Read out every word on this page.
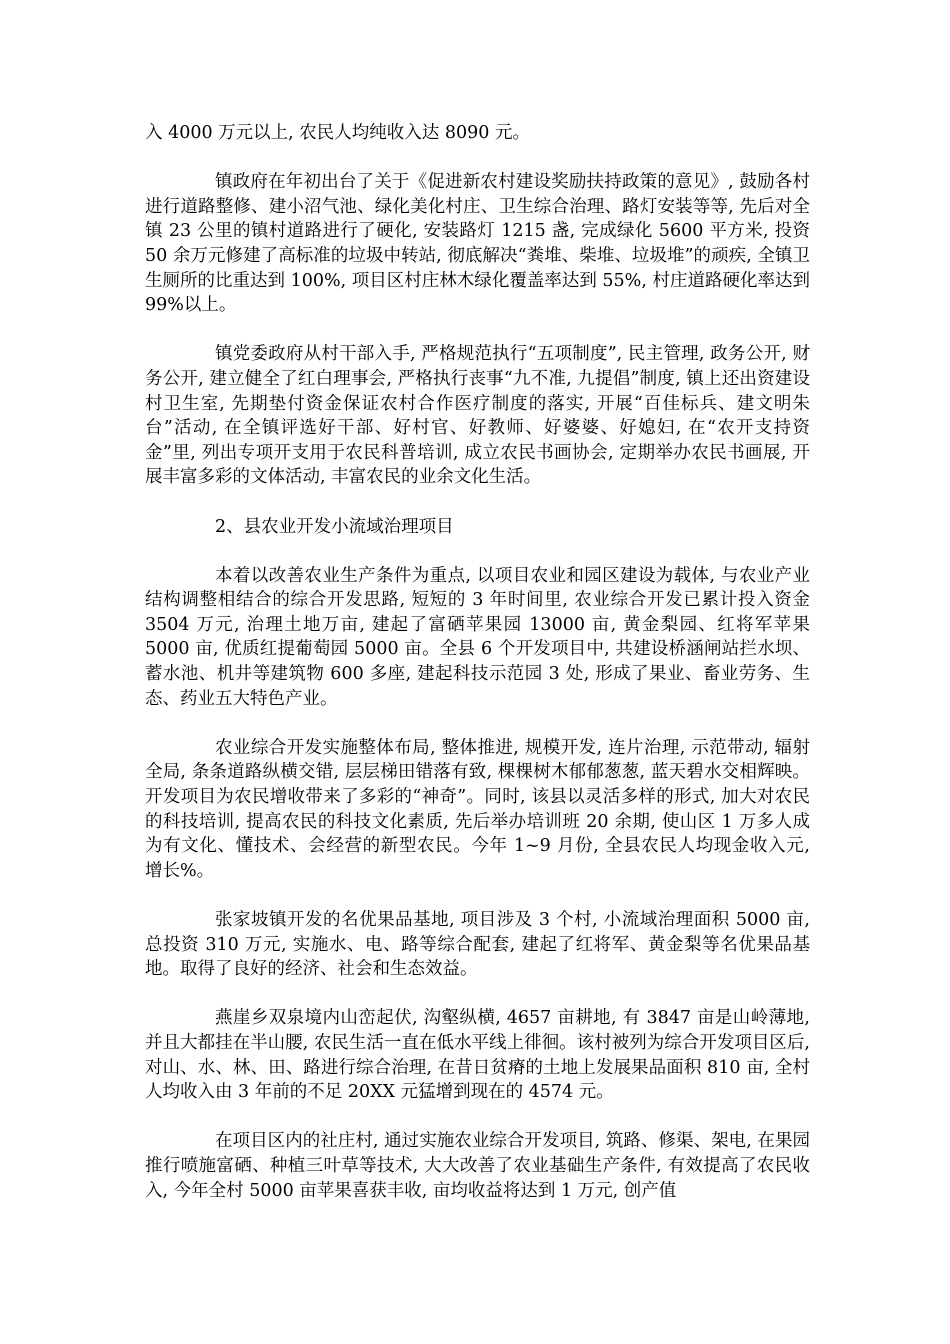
入 4000 万元以上, 农民人均纯收入达 8090 元。

镇政府在年初出台了关于《促进新农村建设奖励扶持政策的意见》, 鼓励各村进行道路整修、建小沼气池、绿化美化村庄、卫生综合治理、路灯安装等等, 先后对全镇 23 公里的镇村道路进行了硬化, 安装路灯 1215 盏, 完成绿化 5600 平方米, 投资 50 余万元修建了高标准的垃圾中转站, 彻底解决“粪堆、柴堆、垃圾堆”的顽疾, 全镇卫生厕所的比重达到 100%, 项目区村庄林木绿化覆盖率达到 55%, 村庄道路硬化率达到 99%以上。

镇党委政府从村干部入手, 严格规范执行“五项制度”, 民主管理, 政务公开, 财务公开, 建立健全了红白理事会, 严格执行丧事“九不准, 九提倡”制度, 镇上还出资建设村卫生室, 先期垫付资金保证农村合作医疗制度的落实, 开展“百佳标兵、建文明朱台”活动, 在全镇评选好干部、好村官、好教师、好婆婆、好媳妇, 在“农开支持资金”里, 列出专项开支用于农民科普培训, 成立农民书画协会, 定期举办农民书画展, 开展丰富多彩的文体活动, 丰富农民的业余文化生活。

2、县农业开发小流域治理项目

本着以改善农业生产条件为重点, 以项目农业和园区建设为载体, 与农业产业结构调整相结合的综合开发思路, 短短的 3 年时间里, 农业综合开发已累计投入资金 3504 万元, 治理土地万亩, 建起了富硒苹果园 13000 亩, 黄金梨园、红将军苹果 5000 亩, 优质红提葡萄园 5000 亩。全县 6 个开发项目中, 共建设桥涵闸站拦水坝、蓄水池、机井等建筑物 600 多座, 建起科技示范园 3 处, 形成了果业、畜业劳务、生态、药业五大特色产业。

农业综合开发实施整体布局, 整体推进, 规模开发, 连片治理, 示范带动, 辐射全局, 条条道路纵横交错, 层层梯田错落有致, 棵棵树木郁郁葱葱, 蓝天碧水交相辉映。开发项目为农民增收带来了多彩的“神奇”。同时, 该县以灵活多样的形式, 加大对农民的科技培训, 提高农民的科技文化素质, 先后举办培训班 20 余期, 使山区 1 万多人成为有文化、懂技术、会经营的新型农民。今年 1~9 月份, 全县农民人均现金收入元, 增长%。

张家坡镇开发的名优果品基地, 项目涉及 3 个村, 小流域治理面积 5000 亩, 总投资 310 万元, 实施水、电、路等综合配套, 建起了红将军、黄金梨等名优果品基地。取得了良好的经济、社会和生态效益。

燕崖乡双泉境内山峦起伏, 沟壑纵横, 4657 亩耕地, 有 3847 亩是山岭薄地, 并且大都挂在半山腰, 农民生活一直在低水平线上徘徊。该村被列为综合开发项目区后, 对山、水、林、田、路进行综合治理, 在昔日贫瘠的土地上发展果品面积 810 亩, 全村人均收入由 3 年前的不足 20XX 元猛增到现在的 4574 元。

在项目区内的社庄村, 通过实施农业综合开发项目, 筑路、修渠、架电, 在果园推行喷施富硒、种植三叶草等技术, 大大改善了农业基础生产条件, 有效提高了农民收入, 今年全村 5000 亩苹果喜获丰收, 亩均收益将达到 1 万元, 创产值
